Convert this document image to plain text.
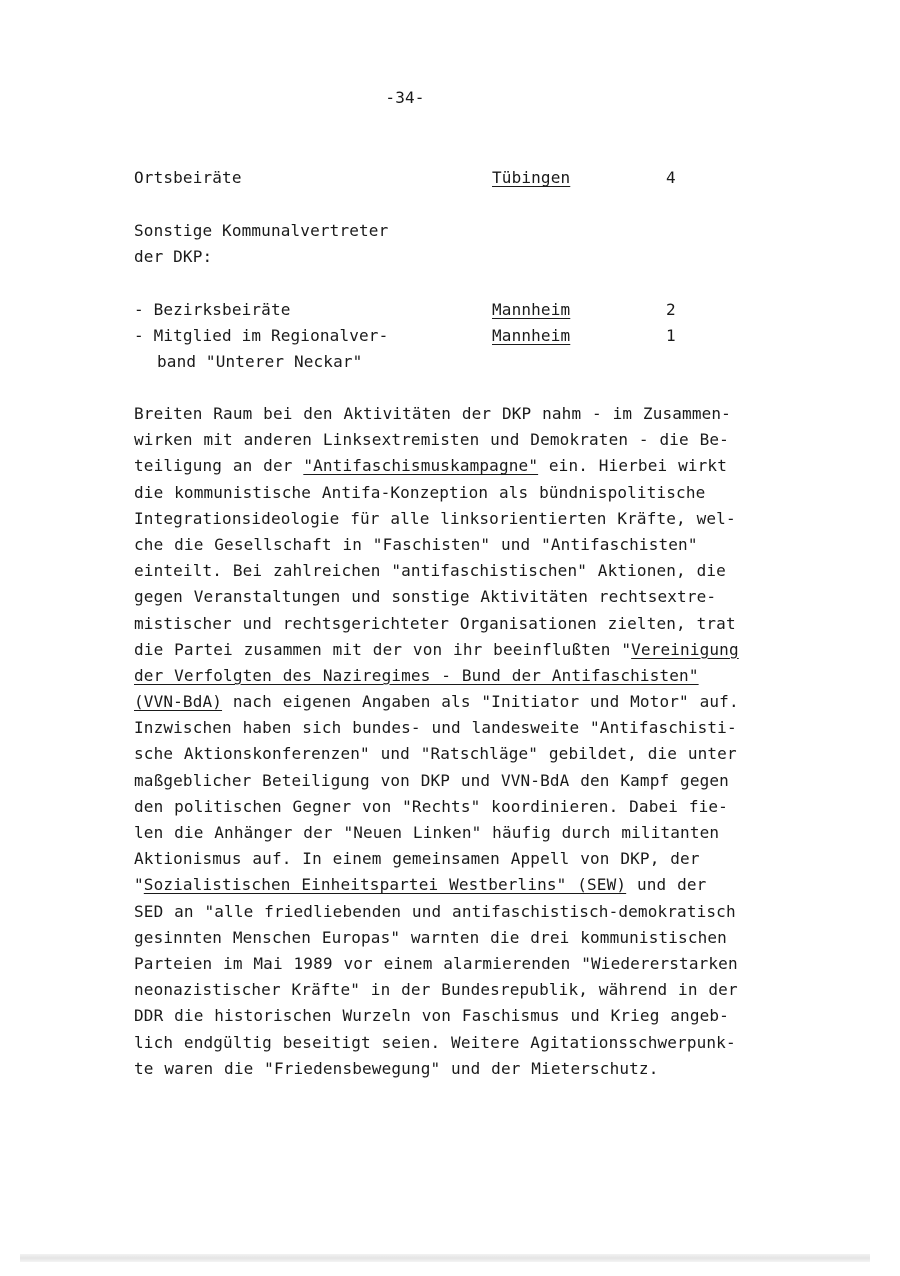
-34-
Ortsbeiräte	Tübingen	4
Sonstige Kommunalvertreter
der DKP:
- Bezirksbeiräte	Mannheim	2
- Mitglied im Regionalver-	Mannheim	1
band "Unterer Neckar"
Breiten Raum bei den Aktivitäten der DKP nahm - im Zusammen-
wirken mit anderen Linksextremisten und Demokraten - die Be-
teiligung an der "Antifaschismuskampagne" ein. Hierbei wirkt
die kommunistische Antifa-Konzeption als bündnispolitische
Integrationsideologie für alle linksorientierten Kräfte, wel-
che die Gesellschaft in "Faschisten" und "Antifaschisten"
einteilt. Bei zahlreichen "antifaschistischen" Aktionen, die
gegen Veranstaltungen und sonstige Aktivitäten rechtsextre-
mistischer und rechtsgerichteter Organisationen zielten, trat
die Partei zusammen mit der von ihr beeinflußten "Vereinigung
der Verfolgten des Naziregimes - Bund der Antifaschisten"
(VVN-BdA) nach eigenen Angaben als "Initiator und Motor" auf.
Inzwischen haben sich bundes- und landesweite "Antifaschisti-
sche Aktionskonferenzen" und "Ratschläge" gebildet, die unter
maßgeblicher Beteiligung von DKP und VVN-BdA den Kampf gegen
den politischen Gegner von "Rechts" koordinieren. Dabei fie-
len die Anhänger der "Neuen Linken" häufig durch militanten
Aktionismus auf. In einem gemeinsamen Appell von DKP, der
"Sozialistischen Einheitspartei Westberlins" (SEW) und der
SED an "alle friedliebenden und antifaschistisch-demokratisch
gesinnten Menschen Europas" warnten die drei kommunistischen
Parteien im Mai 1989 vor einem alarmierenden "Wiedererstarken
neonazistischer Kräfte" in der Bundesrepublik, während in der
DDR die historischen Wurzeln von Faschismus und Krieg angeb-
lich endgültig beseitigt seien. Weitere Agitationsschwerpunk-
te waren die "Friedensbewegung" und der Mieterschutz.
